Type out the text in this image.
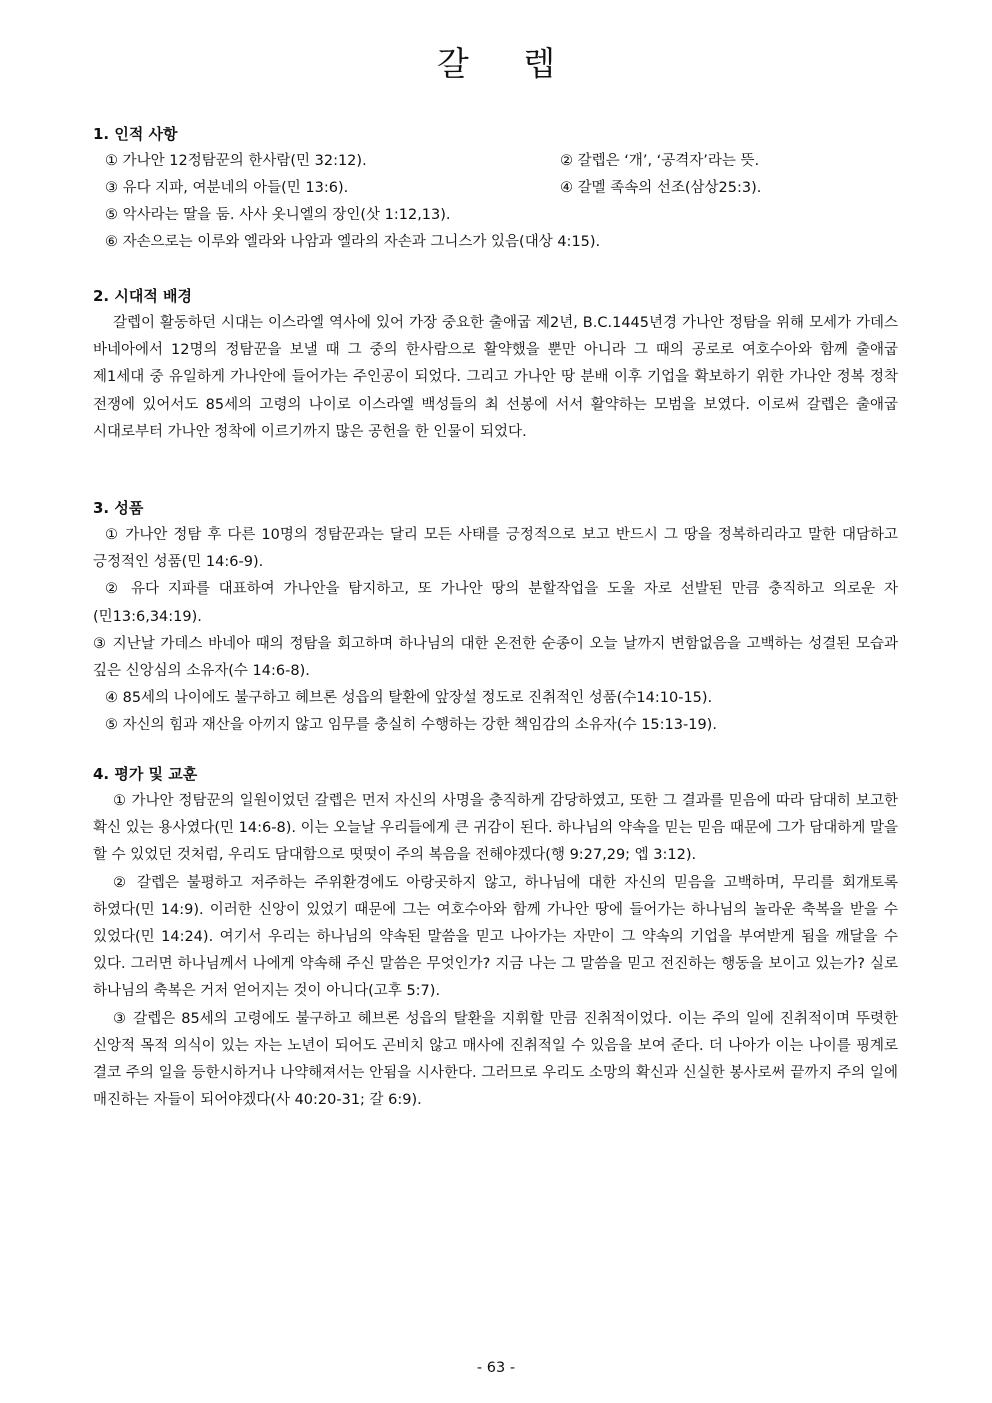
갈 렙
1. 인적 사항
① 가나안 12정탐꾼의 한사람(민 32:12).	② 갈렙은 ‘개’, ‘공격자’라는 뜻.
③ 유다 지파, 여분네의 아들(민 13:6).	④ 갈멜 족속의 선조(삼상25:3).
⑤ 악사라는 딸을 둠. 사사 옷니엘의 장인(삿 1:12,13).
⑥ 자손으로는 이루와 엘라와 나암과 엘라의 자손과 그니스가 있음(대상 4:15).
2. 시대적 배경
갈렙이 활동하던 시대는 이스라엘 역사에 있어 가장 중요한 출애굽 제2년, B.C.1445년경 가나안 정탐을 위해 모세가 가데스 바네아에서 12명의 정탐꾼을 보낼 때 그 중의 한사람으로 활약했을 뿐만 아니라 그 때의 공로로 여호수아와 함께 출애굽 제1세대 중 유일하게 가나안에 들어가는 주인공이 되었다. 그리고 가나안 땅 분배 이후 기업을 확보하기 위한 가나안 정복 정착 전쟁에 있어서도 85세의 고령의 나이로 이스라엘 백성들의 최 선봉에 서서 활약하는 모범을 보였다. 이로써 갈렙은 출애굽 시대로부터 가나안 정착에 이르기까지 많은 공헌을 한 인물이 되었다.
3. 성품
① 가나안 정탐 후 다른 10명의 정탐꾼과는 달리 모든 사태를 긍정적으로 보고 반드시 그 땅을 정복하리라고 말한 대담하고 긍정적인 성품(민 14:6-9).
② 유다 지파를 대표하여 가나안을 탐지하고, 또 가나안 땅의 분할작업을 도울 자로 선발된 만큼 충직하고 의로운 자(민13:6,34:19).
③ 지난날 가데스 바네아 때의 정탐을 회고하며 하나님의 대한 온전한 순종이 오늘 날까지 변함없음을 고백하는 성결된 모습과 깊은 신앙심의 소유자(수 14:6-8).
④ 85세의 나이에도 불구하고 헤브론 성읍의 탈환에 앞장설 정도로 진취적인 성품(수14:10-15).
⑤ 자신의 힘과 재산을 아끼지 않고 임무를 충실히 수행하는 강한 책임감의 소유자(수 15:13-19).
4. 평가 및 교훈
① 가나안 정탐꾼의 일원이었던 갈렙은 먼저 자신의 사명을 충직하게 감당하였고, 또한 그 결과를 믿음에 따라 담대히 보고한 확신 있는 용사였다(민 14:6-8). 이는 오늘날 우리들에게 큰 귀감이 된다. 하나님의 약속을 믿는 믿음 때문에 그가 담대하게 말을 할 수 있었던 것처럼, 우리도 담대함으로 떳떳이 주의 복음을 전해야겠다(행 9:27,29; 엡 3:12).
② 갈렙은 불평하고 저주하는 주위환경에도 아랑곳하지 않고, 하나님에 대한 자신의 믿음을 고백하며, 무리를 회개토록 하였다(민 14:9). 이러한 신앙이 있었기 때문에 그는 여호수아와 함께 가나안 땅에 들어가는 하나님의 놀라운 축복을 받을 수 있었다(민 14:24). 여기서 우리는 하나님의 약속된 말씀을 믿고 나아가는 자만이 그 약속의 기업을 부여받게 됨을 깨달을 수 있다. 그러면 하나님께서 나에게 약속해 주신 말씀은 무엇인가? 지금 나는 그 말씀을 믿고 전진하는 행동을 보이고 있는가? 실로 하나님의 축복은 거저 얻어지는 것이 아니다(고후 5:7).
③ 갈렙은 85세의 고령에도 불구하고 헤브론 성읍의 탈환을 지휘할 만큼 진취적이었다. 이는 주의 일에 진취적이며 뚜렷한 신앙적 목적 의식이 있는 자는 노년이 되어도 곤비치 않고 매사에 진취적일 수 있음을 보여 준다. 더 나아가 이는 나이를 핑계로 결코 주의 일을 등한시하거나 나약해져서는 안됨을 시사한다. 그러므로 우리도 소망의 확신과 신실한 봉사로써 끝까지 주의 일에 매진하는 자들이 되어야겠다(사 40:20-31; 갈 6:9).
- 63 -
